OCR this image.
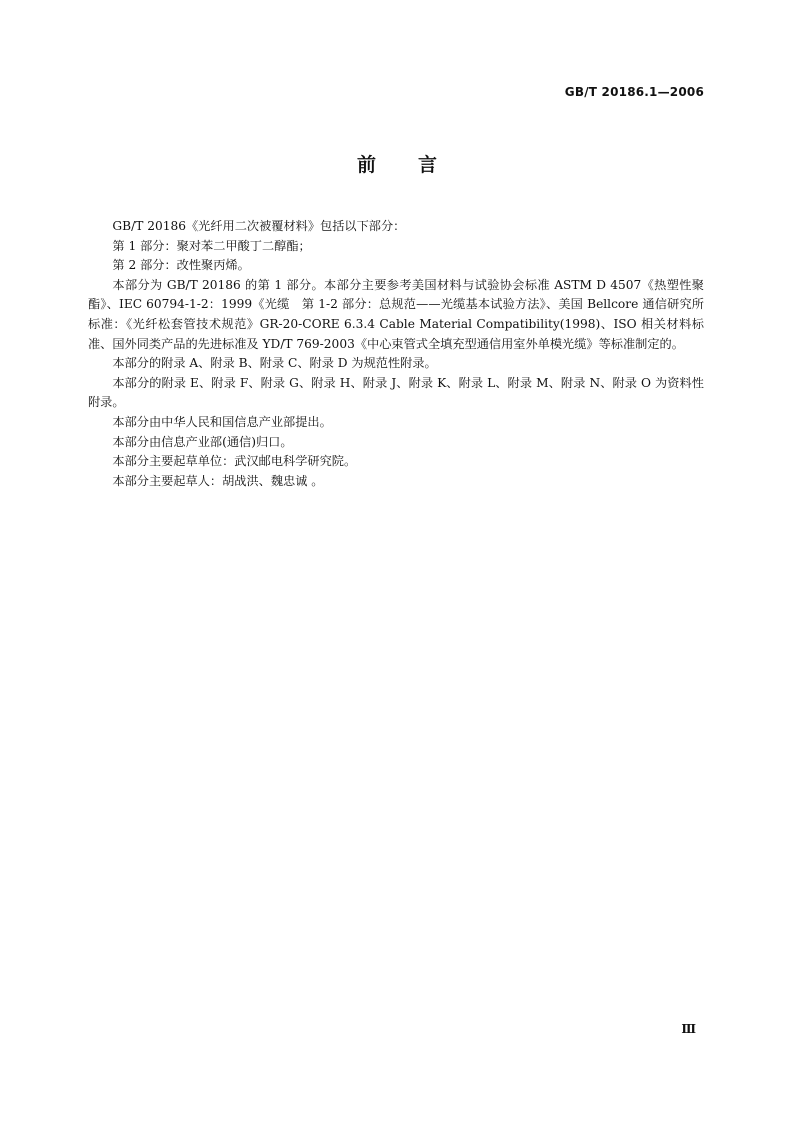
GB/T 20186.1—2006
前言

GB/T 20186《光纤用二次被覆材料》包括以下部分：

第 1 部分：聚对苯二甲酸丁二醇酯；

第 2 部分：改性聚丙烯。

本部分为 GB/T 20186 的第 1 部分。本部分主要参考美国材料与试验协会标准 ASTM D 4507《热塑性聚酯》、IEC 60794-1-2：1999《光缆　第 1-2 部分：总规范——光缆基本试验方法》、美国 Bellcore 通信研究所标准：《光纤松套管技术规范》GR-20-CORE 6.3.4 Cable Material Compatibility(1998)、ISO 相关材料标准、国外同类产品的先进标准及 YD/T 769-2003《中心束管式全填充型通信用室外单模光缆》等标准制定的。

本部分的附录 A、附录 B、附录 C、附录 D 为规范性附录。

本部分的附录 E、附录 F、附录 G、附录 H、附录 J、附录 K、附录 L、附录 M、附录 N、附录 O 为资料性附录。

本部分由中华人民和国信息产业部提出。

本部分由信息产业部(通信)归口。

本部分主要起草单位：武汉邮电科学研究院。

本部分主要起草人：胡战洪、魏忠诚 。

Ⅲ
